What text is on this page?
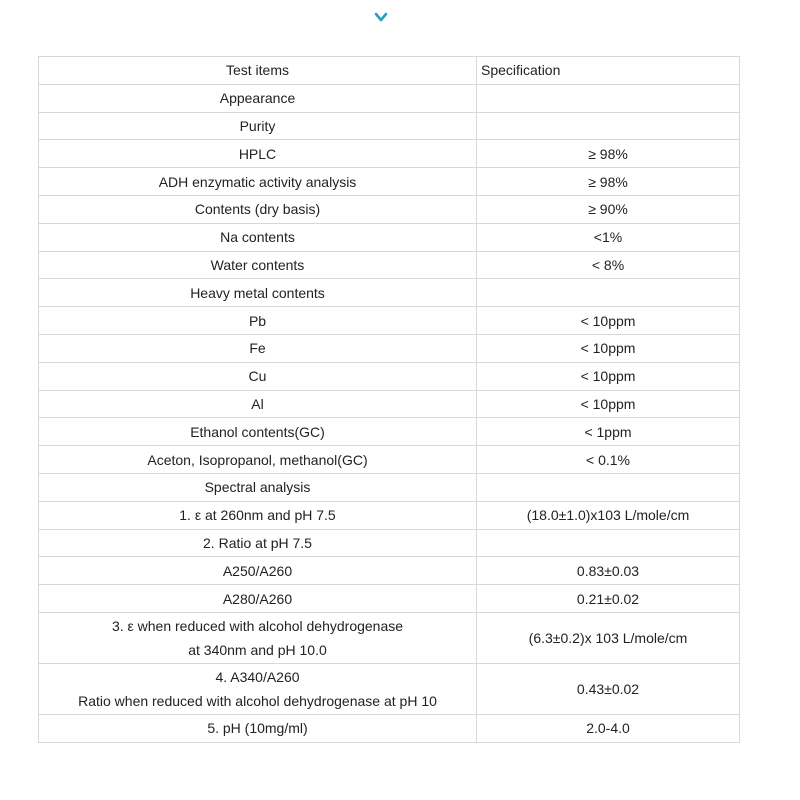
Test items	Specification
Appearance	
Purity	
HPLC	≥ 98%
ADH enzymatic activity analysis	≥ 98%
Contents (dry basis)	≥ 90%
Na contents	<1%
Water contents	< 8%
Heavy metal contents	
Pb	< 10ppm
Fe	< 10ppm
Cu	< 10ppm
Al	< 10ppm
Ethanol contents(GC)	< 1ppm
Aceton, Isopropanol, methanol(GC)	< 0.1%
Spectral analysis	
1. ε at 260nm and pH 7.5	(18.0±1.0)x103 L/mole/cm
2. Ratio at pH 7.5	
A250/A260	0.83±0.03
A280/A260	0.21±0.02

3. ε when reduced with alcohol dehydrogenase
at 340nm and pH 10.0	(6.3±0.2)x 103 L/mole/cm

4. A340/A260
Ratio when reduced with alcohol dehydrogenase at pH 10	0.43±0.02
5. pH (10mg/ml)	2.0-4.0
